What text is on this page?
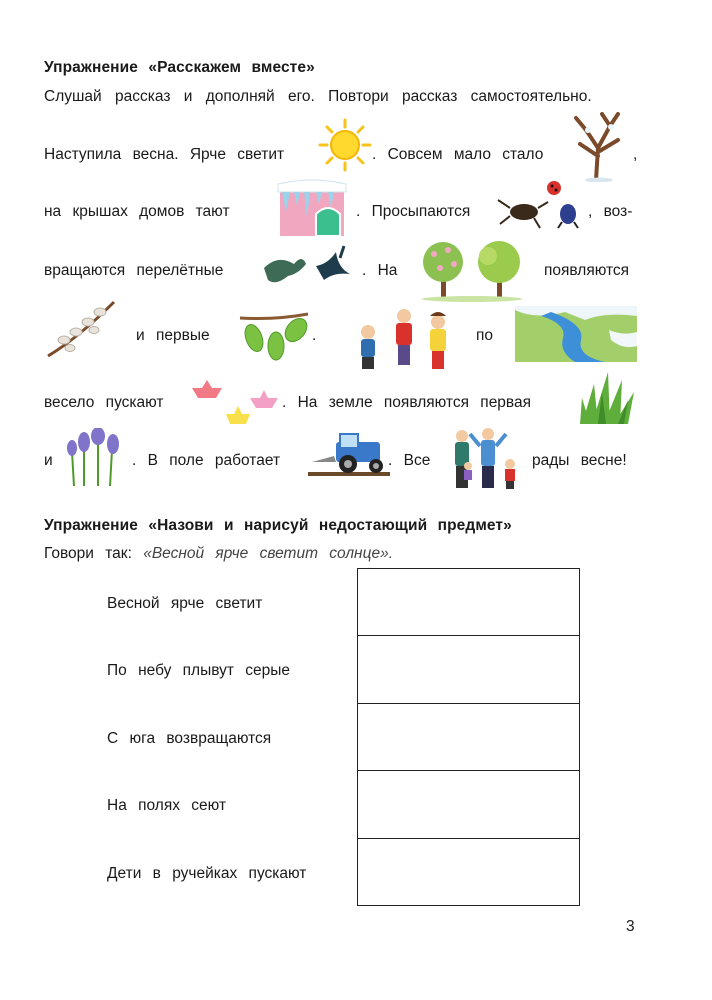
Упражнение «Расскажем вместе»
Слушай рассказ и дополняй его. Повтори рассказ самостоятельно.
Наступила весна. Ярче светит	. Совсем мало стало	,
на крышах домов тают	. Просыпаются	, воз-
вращаются перелётные	. На	появляются
и первые	.	по
весело пускают	. На земле появляются первая
и	. В поле работает	. Все	рады весне!
Упражнение «Назови и нарисуй недостающий предмет»
Говори так: «Весной ярче светит солнце».
Весной ярче светит
По небу плывут серые
С юга возвращаются
На полях сеют
Дети в ручейках пускают
3
